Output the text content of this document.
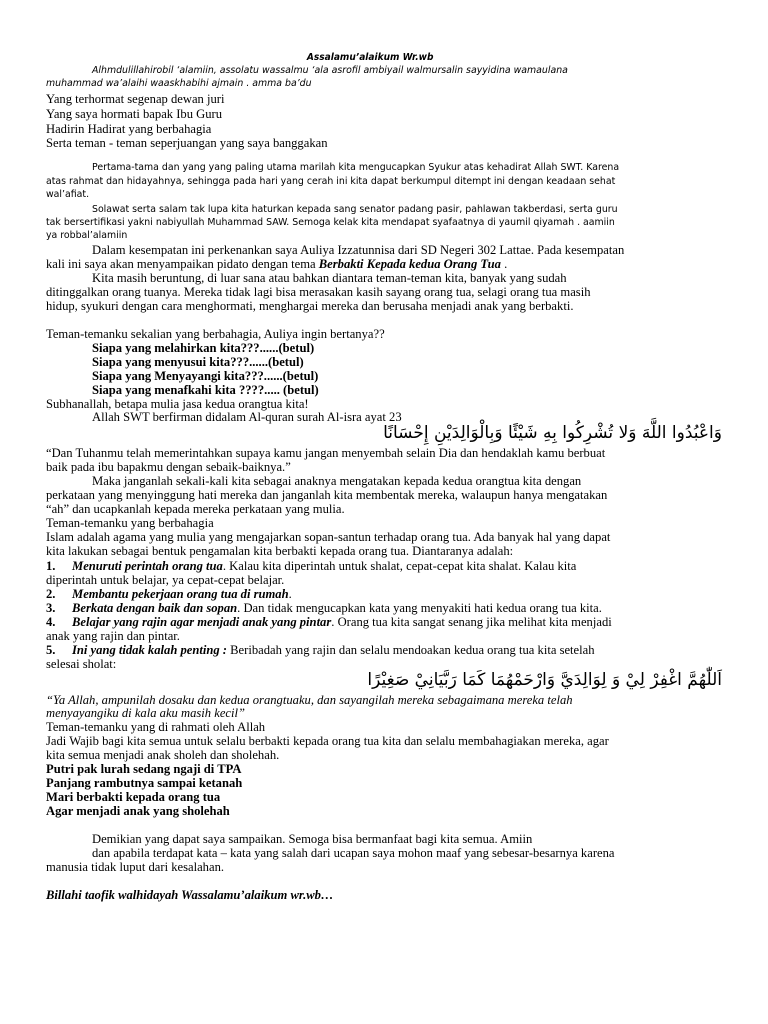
Assalamu’alaikum Wr.wb
Alhmdulillahirobil ‘alamiin, assolatu wassalmu ‘ala asrofil ambiyail walmursalin sayyidina wamaulana
muhammad wa’alaihi waaskhabihi ajmain . amma ba’du
Yang terhormat segenap dewan juri
Yang saya hormati bapak Ibu Guru
Hadirin Hadirat yang berbahagia
Serta teman - teman seperjuangan yang saya banggakan
Pertama-tama dan yang yang paling utama marilah kita mengucapkan Syukur atas kehadirat Allah SWT. Karena
atas rahmat dan hidayahnya, sehingga pada hari yang cerah ini kita dapat berkumpul ditempt ini dengan keadaan sehat
wal’afiat.
Solawat serta salam tak lupa kita haturkan kepada sang senator padang pasir, pahlawan takberdasi, serta guru
tak bersertifikasi yakni nabiyullah Muhammad SAW. Semoga kelak kita mendapat syafaatnya di yaumil qiyamah . aamiin
ya robbal’alamiin
Dalam kesempatan ini perkenankan saya Auliya Izzatunnisa dari SD Negeri 302 Lattae. Pada kesempatan
kali ini saya akan menyampaikan pidato dengan tema Berbakti Kepada kedua Orang Tua .
Kita masih beruntung, di luar sana atau bahkan diantara teman-teman kita, banyak yang sudah
ditinggalkan orang tuanya. Mereka tidak lagi bisa merasakan kasih sayang orang tua, selagi orang tua masih
hidup, syukuri dengan cara menghormati, menghargai mereka dan berusaha menjadi anak yang berbakti.
Teman-temanku sekalian yang berbahagia, Auliya ingin bertanya??
Siapa yang melahirkan kita???......(betul)
Siapa yang menyusui kita???......(betul)
Siapa yang Menyayangi kita???......(betul)
Siapa yang menafkahi kita ????..... (betul)
Subhanallah, betapa mulia jasa kedua orangtua kita!
Allah SWT berfirman didalam Al-quran surah Al-isra ayat 23
وَاعْبُدُوا اللَّهَ وَلا تُشْرِكُوا بِهِ شَيْئًا وَبِالْوَالِدَيْنِ إِحْسَانًا
“Dan Tuhanmu telah memerintahkan supaya kamu jangan menyembah selain Dia dan hendaklah kamu berbuat
baik pada ibu bapakmu dengan sebaik-baiknya.”
Maka janganlah sekali-kali kita sebagai anaknya mengatakan kepada kedua orangtua kita dengan
perkataan yang menyinggung hati mereka dan janganlah kita membentak mereka, walaupun hanya mengatakan
“ah” dan ucapkanlah kepada mereka perkataan yang mulia.
Teman-temanku yang berbahagia
Islam adalah agama yang mulia yang mengajarkan sopan-santun terhadap orang tua. Ada banyak hal yang dapat
kita lakukan sebagai bentuk pengamalan kita berbakti kepada orang tua. Diantaranya adalah:
1. Menuruti perintah orang tua. Kalau kita diperintah untuk shalat, cepat-cepat kita shalat. Kalau kita
diperintah untuk belajar, ya cepat-cepat belajar.
2. Membantu pekerjaan orang tua di rumah.
3. Berkata dengan baik dan sopan. Dan tidak mengucapkan kata yang menyakiti hati kedua orang tua kita.
4. Belajar yang rajin agar menjadi anak yang pintar. Orang tua kita sangat senang jika melihat kita menjadi
anak yang rajin dan pintar.
5. Ini yang tidak kalah penting : Beribadah yang rajin dan selalu mendoakan kedua orang tua kita setelah
selesai sholat:
اَللّٰهُمَّ اغْفِرْ لِيْ وَ لِوَالِدَيَّ وَارْحَمْهُمَا كَمَا رَبَّيَانِيْ صَغِيْرًا
“Ya Allah, ampunilah dosaku dan kedua orangtuaku, dan sayangilah mereka sebagaimana mereka telah
menyayangiku di kala aku masih kecil”
Teman-temanku yang di rahmati oleh Allah
Jadi Wajib bagi kita semua untuk selalu berbakti kepada orang tua kita dan selalu membahagiakan mereka, agar
kita semua menjadi anak sholeh dan sholehah.
Putri pak lurah sedang ngaji di TPA
Panjang rambutnya sampai ketanah
Mari berbakti kepada orang tua
Agar menjadi anak yang sholehah
Demikian yang dapat saya sampaikan. Semoga bisa bermanfaat bagi kita semua. Amiin
dan apabila terdapat kata – kata yang salah dari ucapan saya mohon maaf yang sebesar-besarnya karena
manusia tidak luput dari kesalahan.
Billahi taofik walhidayah Wassalamu’alaikum wr.wb…
